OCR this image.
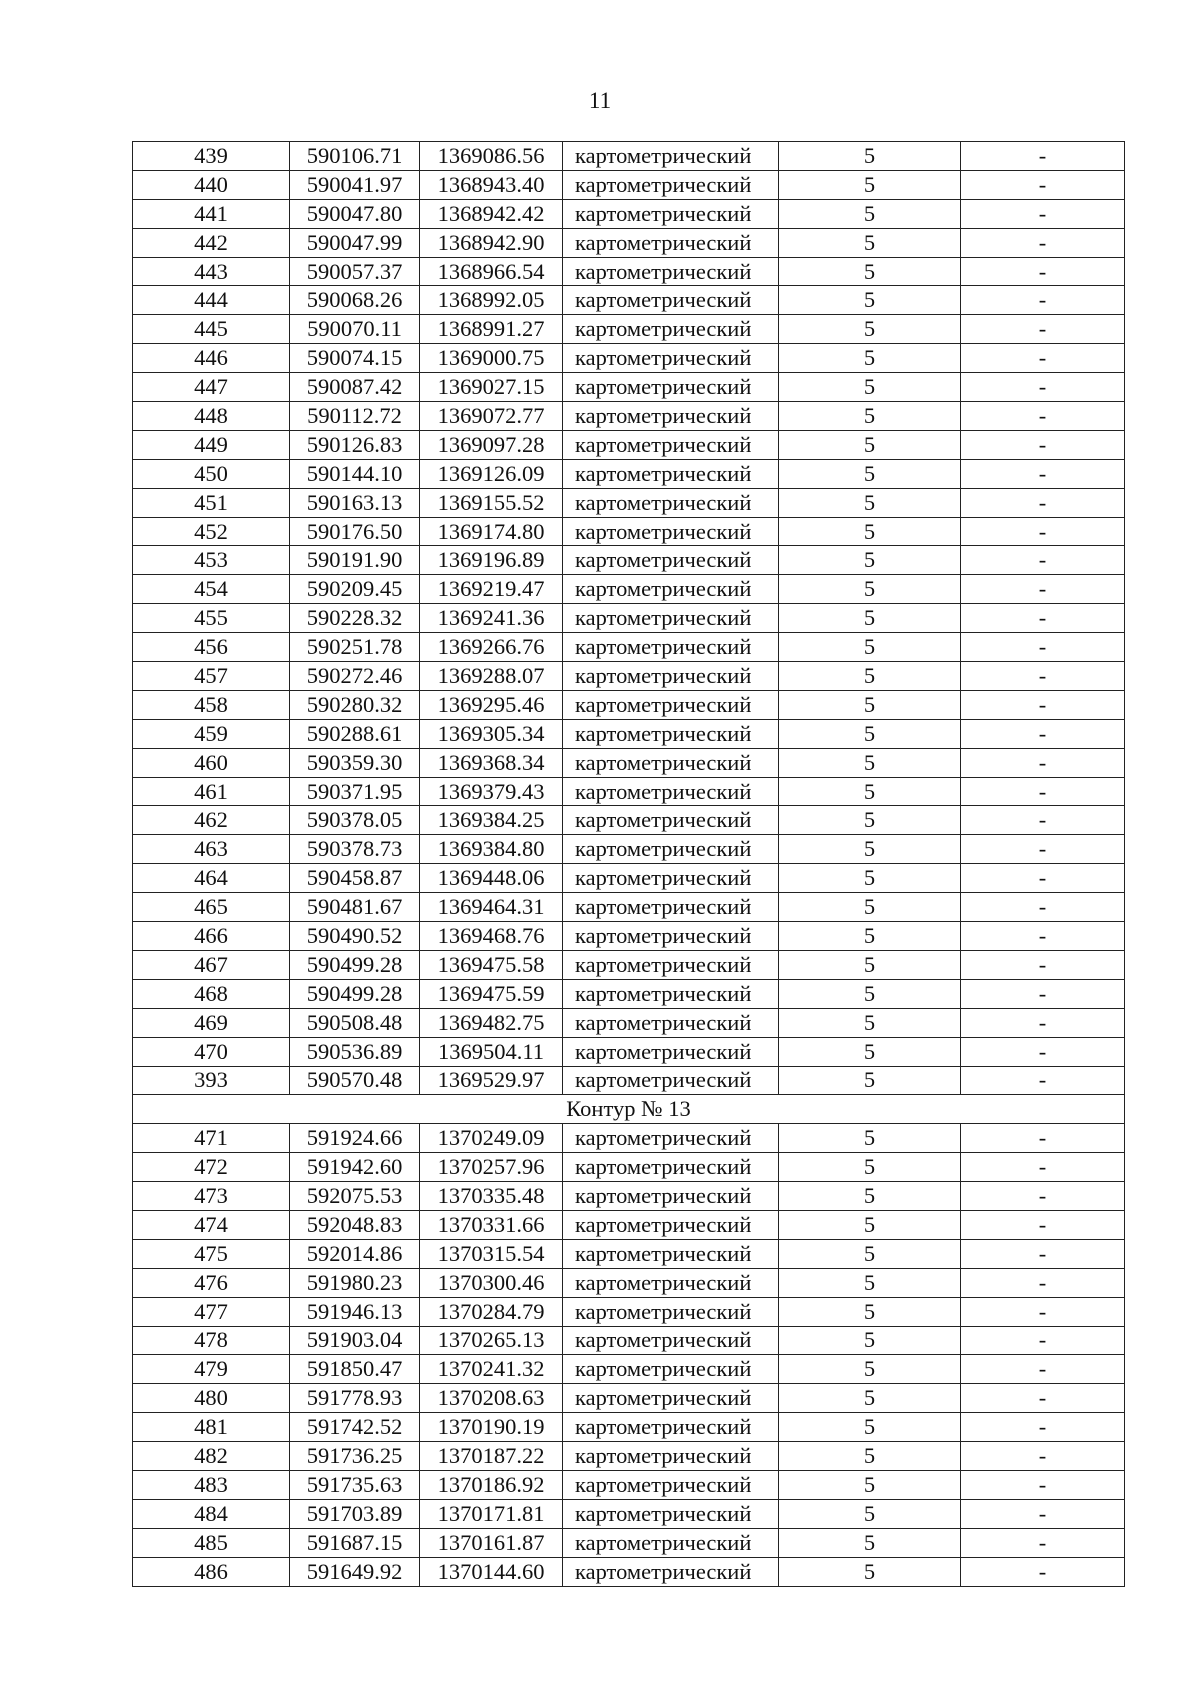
11
439	590106.71	1369086.56	картометрический	5	-
440	590041.97	1368943.40	картометрический	5	-
441	590047.80	1368942.42	картометрический	5	-
442	590047.99	1368942.90	картометрический	5	-
443	590057.37	1368966.54	картометрический	5	-
444	590068.26	1368992.05	картометрический	5	-
445	590070.11	1368991.27	картометрический	5	-
446	590074.15	1369000.75	картометрический	5	-
447	590087.42	1369027.15	картометрический	5	-
448	590112.72	1369072.77	картометрический	5	-
449	590126.83	1369097.28	картометрический	5	-
450	590144.10	1369126.09	картометрический	5	-
451	590163.13	1369155.52	картометрический	5	-
452	590176.50	1369174.80	картометрический	5	-
453	590191.90	1369196.89	картометрический	5	-
454	590209.45	1369219.47	картометрический	5	-
455	590228.32	1369241.36	картометрический	5	-
456	590251.78	1369266.76	картометрический	5	-
457	590272.46	1369288.07	картометрический	5	-
458	590280.32	1369295.46	картометрический	5	-
459	590288.61	1369305.34	картометрический	5	-
460	590359.30	1369368.34	картометрический	5	-
461	590371.95	1369379.43	картометрический	5	-
462	590378.05	1369384.25	картометрический	5	-
463	590378.73	1369384.80	картометрический	5	-
464	590458.87	1369448.06	картометрический	5	-
465	590481.67	1369464.31	картометрический	5	-
466	590490.52	1369468.76	картометрический	5	-
467	590499.28	1369475.58	картометрический	5	-
468	590499.28	1369475.59	картометрический	5	-
469	590508.48	1369482.75	картометрический	5	-
470	590536.89	1369504.11	картометрический	5	-
393	590570.48	1369529.97	картометрический	5	-
Контур № 13					
471	591924.66	1370249.09	картометрический	5	-
472	591942.60	1370257.96	картометрический	5	-
473	592075.53	1370335.48	картометрический	5	-
474	592048.83	1370331.66	картометрический	5	-
475	592014.86	1370315.54	картометрический	5	-
476	591980.23	1370300.46	картометрический	5	-
477	591946.13	1370284.79	картометрический	5	-
478	591903.04	1370265.13	картометрический	5	-
479	591850.47	1370241.32	картометрический	5	-
480	591778.93	1370208.63	картометрический	5	-
481	591742.52	1370190.19	картометрический	5	-
482	591736.25	1370187.22	картометрический	5	-
483	591735.63	1370186.92	картометрический	5	-
484	591703.89	1370171.81	картометрический	5	-
485	591687.15	1370161.87	картометрический	5	-
486	591649.92	1370144.60	картометрический	5	-
